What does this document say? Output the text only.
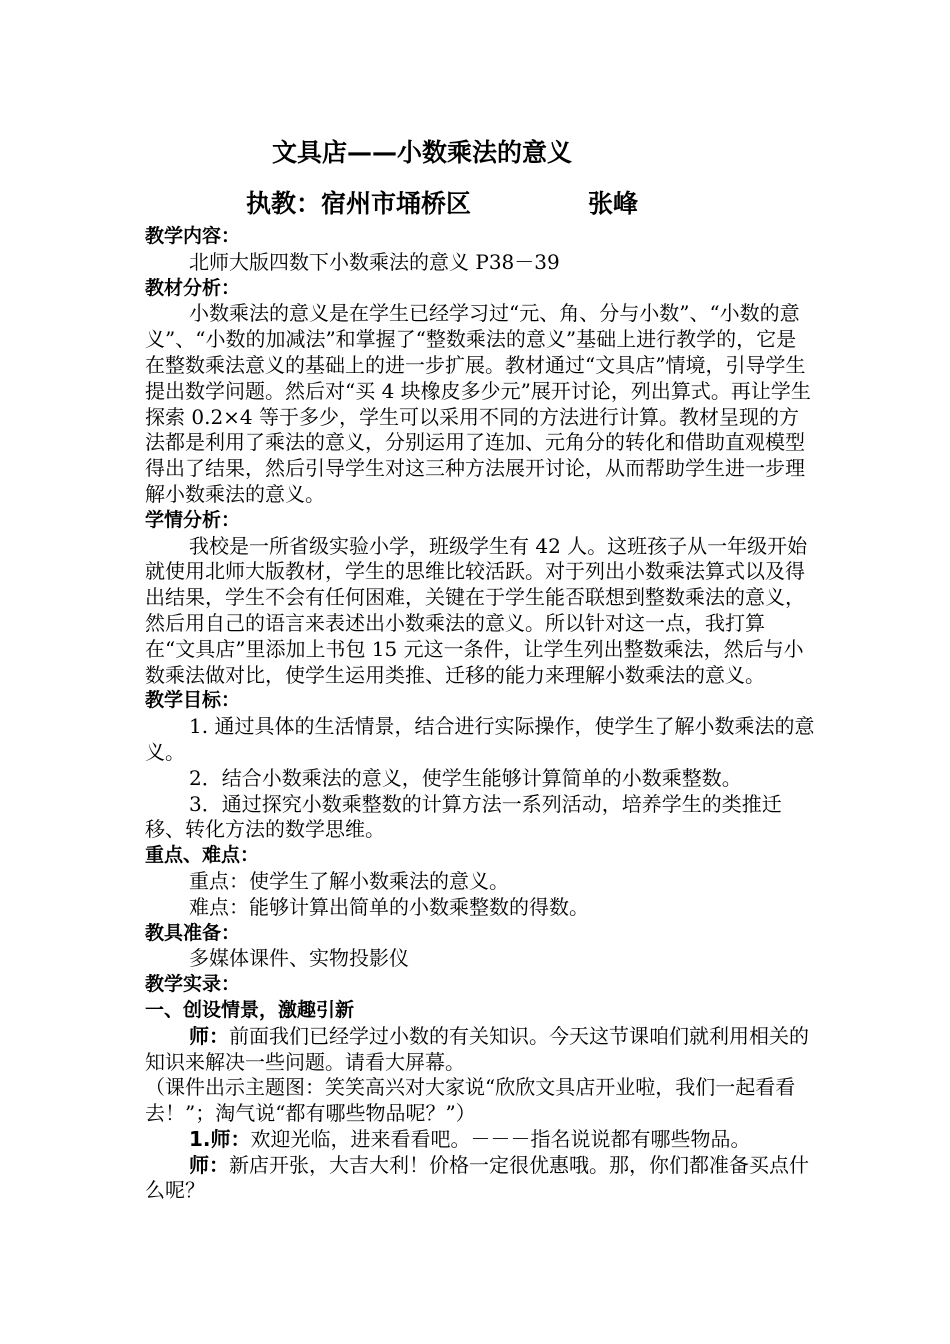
文具店——小数乘法的意义
执教：宿州市埇桥区	张峰
教学内容：
北师大版四数下小数乘法的意义 P38－39
教材分析：
小数乘法的意义是在学生已经学习过“元、角、分与小数”、“小数的意义”、“小数的加减法”和掌握了“整数乘法的意义”基础上进行教学的，它是在整数乘法意义的基础上的进一步扩展。教材通过“文具店”情境，引导学生提出数学问题。然后对“买 4 块橡皮多少元”展开讨论，列出算式。再让学生探索 0.2×4 等于多少，学生可以采用不同的方法进行计算。教材呈现的方法都是利用了乘法的意义，分别运用了连加、元角分的转化和借助直观模型得出了结果，然后引导学生对这三种方法展开讨论，从而帮助学生进一步理解小数乘法的意义。
学情分析：
我校是一所省级实验小学，班级学生有 42 人。这班孩子从一年级开始就使用北师大版教材，学生的思维比较活跃。对于列出小数乘法算式以及得出结果，学生不会有任何困难，关键在于学生能否联想到整数乘法的意义，然后用自己的语言来表述出小数乘法的意义。所以针对这一点，我打算在“文具店”里添加上书包 15 元这一条件，让学生列出整数乘法，然后与小数乘法做对比，使学生运用类推、迁移的能力来理解小数乘法的意义。
教学目标：
1. 通过具体的生活情景，结合进行实际操作，使学生了解小数乘法的意义。
2．结合小数乘法的意义，使学生能够计算简单的小数乘整数。
3．通过探究小数乘整数的计算方法一系列活动，培养学生的类推迁移、转化方法的数学思维。
重点、难点：
重点：使学生了解小数乘法的意义。
难点：能够计算出简单的小数乘整数的得数。
教具准备：
多媒体课件、实物投影仪
教学实录：
一、创设情景，激趣引新
师：前面我们已经学过小数的有关知识。今天这节课咱们就利用相关的知识来解决一些问题。请看大屏幕。
（课件出示主题图：笑笑高兴对大家说“欣欣文具店开业啦，我们一起看看去！”；淘气说“都有哪些物品呢？”）
1.师：欢迎光临，进来看看吧。－－－指名说说都有哪些物品。
师：新店开张，大吉大利！价格一定很优惠哦。那，你们都准备买点什么呢？
